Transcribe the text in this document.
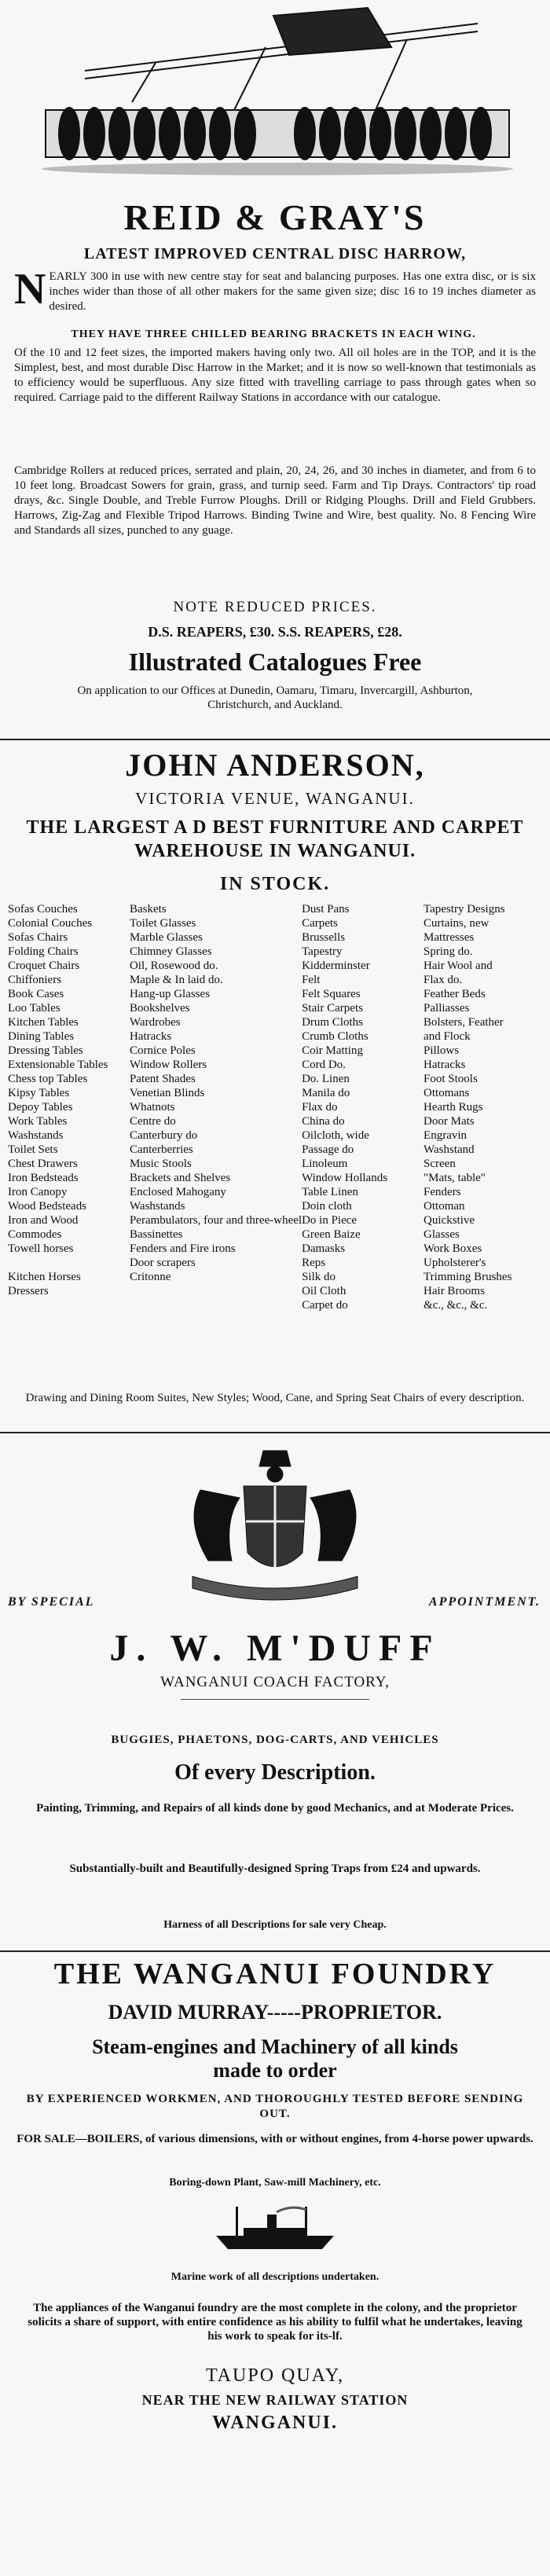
REID & GRAY'S
LATEST IMPROVED CENTRAL DISC HARROW,
NEARLY 300 in use with new centre stay for seat and balancing purposes. Has one extra disc, or is six inches wider than those of all other makers for the same given size; disc 16 to 19 inches diameter as desired.
THEY HAVE THREE CHILLED BEARING BRACKETS IN EACH WING.
Of the 10 and 12 feet sizes, the imported makers having only two. All oil holes are in the TOP, and it is the Simplest, best, and most durable Disc Harrow in the Market; and it is now so well-known that testimonials as to efficiency would be superfluous. Any size fitted with travelling carriage to pass through gates when so required. Carriage paid to the different Railway Stations in accordance with our catalogue.
Cambridge Rollers at reduced prices, serrated and plain, 20, 24, 26, and 30 inches in diameter, and from 6 to 10 feet long. Broadcast Sowers for grain, grass, and turnip seed. Farm and Tip Drays. Contractors' tip road drays, &c. Single Double, and Treble Furrow Ploughs. Drill or Ridging Ploughs. Drill and Field Grubbers. Harrows, Zig-Zag and Flexible Tripod Harrows. Binding Twine and Wire, best quality. No. 8 Fencing Wire and Standards all sizes, punched to any guage.
NOTE REDUCED PRICES.
D.S. REAPERS, £30. S.S. REAPERS, £28.
Illustrated Catalogues Free
On application to our Offices at Dunedin, Oamaru, Timaru, Invercargill, Ashburton, Christchurch, and Auckland.
JOHN ANDERSON,
VICTORIA VENUE, WANGANUI.
THE LARGEST A D BEST FURNITURE AND CARPET
WAREHOUSE IN WANGANUI.
IN STOCK.
Sofas Couches
Colonial Couches
Sofas Chairs
Folding Chairs
Croquet Chairs
Chiffoniers
Book Cases
Loo Tables
Kitchen Tables
Dining Tables
Dressing Tables
Extensionable Tables
Chess top Tables
Kipsy Tables
Depoy Tables
Work Tables
Washstands
Toilet Sets
Chest Drawers
Iron Bedsteads
Iron Canopy
Wood Bedsteads
Iron and Wood
Commodes
Towell horses

Kitchen Horses
Dressers
Baskets
Toilet Glasses
Marble Glasses
Chimney Glasses
Oil, Rosewood do.
Maple & In laid do.
Hang-up Glasses
Bookshelves
Wardrobes
Hatracks
Cornice Poles
Window Rollers
Patent Shades
Venetian Blinds
Whatnots
Centre do
Canterbury do
Canterberries
Music Stools
Brackets and Shelves
Enclosed Mahogany
Washstands
Perambulators, four and three-wheel
Bassinettes
Fenders and Fire irons
Door scrapers
Critonne
Dust Pans
Carpets
Brussells
Tapestry
Kidderminster
Felt
Felt Squares
Stair Carpets
Drum Cloths
Crumb Cloths
Coir Matting
Cord Do.
Do. Linen
Manila do
Flax do
China do
Oilcloth, wide
Passage do
Linoleum
Window Hollands
Table Linen
Doin cloth
Do in Piece
Green Baize
Damasks
Reps
Silk do
Oil Cloth
Carpet do
Tapestry Designs
Curtains, new
Mattresses
Spring do.
Hair Wool and
Flax do.
Feather Beds
Palliasses
Bolsters, Feather
and Flock
Pillows
Hatracks
Foot Stools
Ottomans
Hearth Rugs
Door Mats
Engravin
Washstand
Screen
"Mats, table"
Fenders
Ottoman
Quickstive
Glasses
Work Boxes
Upholsterer's
Trimming Brushes
Hair Brooms
&c., &c., &c.
Drawing and Dining Room Suites, New Styles; Wood, Cane, and Spring Seat Chairs of every description.
BY SPECIAL	APPOINTMENT.
J. W. M'DUFF
WANGANUI COACH FACTORY,
BUGGIES, PHAETONS, DOG-CARTS, AND VEHICLES
Of every Description.
Painting, Trimming, and Repairs of all kinds done by good Mechanics, and at Moderate Prices.
Substantially-built and Beautifully-designed Spring Traps from £24 and upwards.
Harness of all Descriptions for sale very Cheap.
THE WANGANUI FOUNDRY
DAVID MURRAY-----PROPRIETOR.
Steam-engines and Machinery of all kinds
made to order
BY EXPERIENCED WORKMEN, AND THOROUGHLY TESTED BEFORE SENDING OUT.
FOR SALE—BOILERS, of various dimensions, with or without engines, from 4-horse power upwards.
Boring-down Plant, Saw-mill Machinery, etc.
Marine work of all descriptions undertaken.
The appliances of the Wanganui foundry are the most complete in the colony, and the proprietor solicits a share of support, with entire confidence as his ability to fulfil what he undertakes, leaving his work to speak for its-lf.
TAUPO QUAY,
NEAR THE NEW RAILWAY STATION
WANGANUI.
